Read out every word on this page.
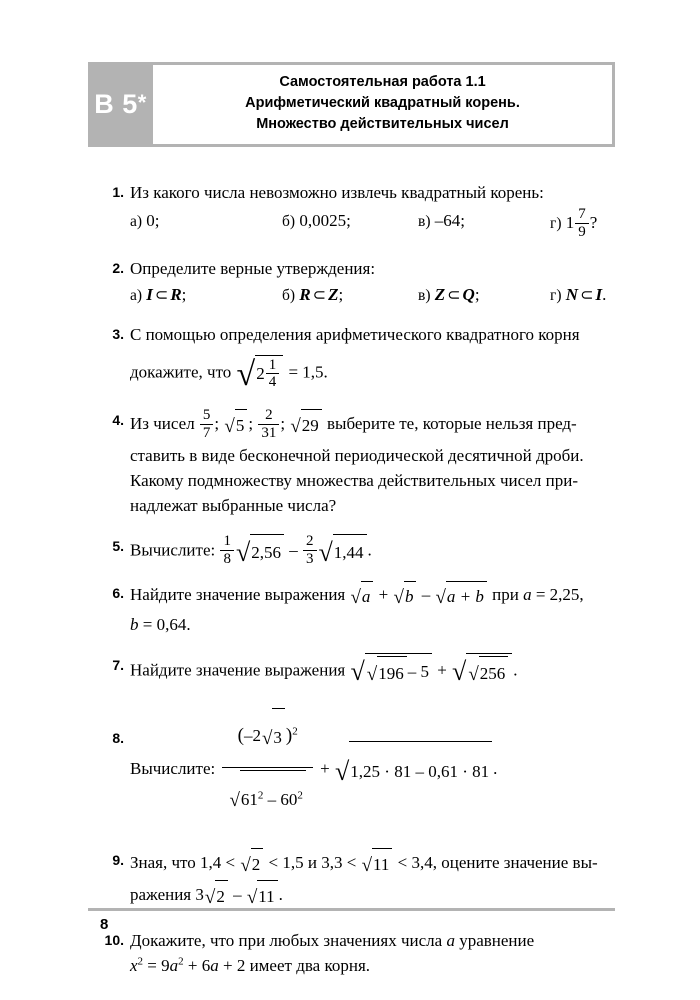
В 5*
Самостоятельная работа 1.1
Арифметический квадратный корень.
Множество действительных чисел
1. Из какого числа невозможно извлечь квадратный корень:
а) 0;	б) 0,0025;	в) –64;	г) $1 \frac{7}{9}$ ?
2. Определите верные утверждения:
а) I ⊂ R;	б) R ⊂ Z;	в) Z ⊂ Q;	г) N ⊂ I.
3. С помощью определения арифметического квадратного корня
докажите, что $√2 \frac{1}{4} = 1,5$.
4. Из чисел $\frac{5}{7}$ ; √5 ; $\frac{2}{31}$ ; √29 выберите те, которые нельзя пред-
ставить в виде бесконечной периодической десятичной дроби.
Какому подмножеству множества действительных чисел при-
надлежат выбранные числа?
5. Вычислите: $\frac{1}{8} √2,56 - \frac{2}{3} √1,44$ .
6. Найдите значение выражения √a + √b – √a + b при a = 2,25,
b = 0,64.
7. Найдите значение выражения √ √196 – 5 + √ √256 .
8.
Вычислите: $\frac{(-2√3 )^2}{√61^2 - 60^2} + √1,25 \cdot 81 - 0,61 \cdot 81$ .
9. Зная, что 1,4 < √2 < 1,5 и 3,3 < √11 < 3,4, оцените значение вы-
ражения 3√2 – √11 .
10. Докажите, что при любых значениях числа a уравнение
$x^2 = 9a^2 + 6a + 2$ имеет два корня.
8
